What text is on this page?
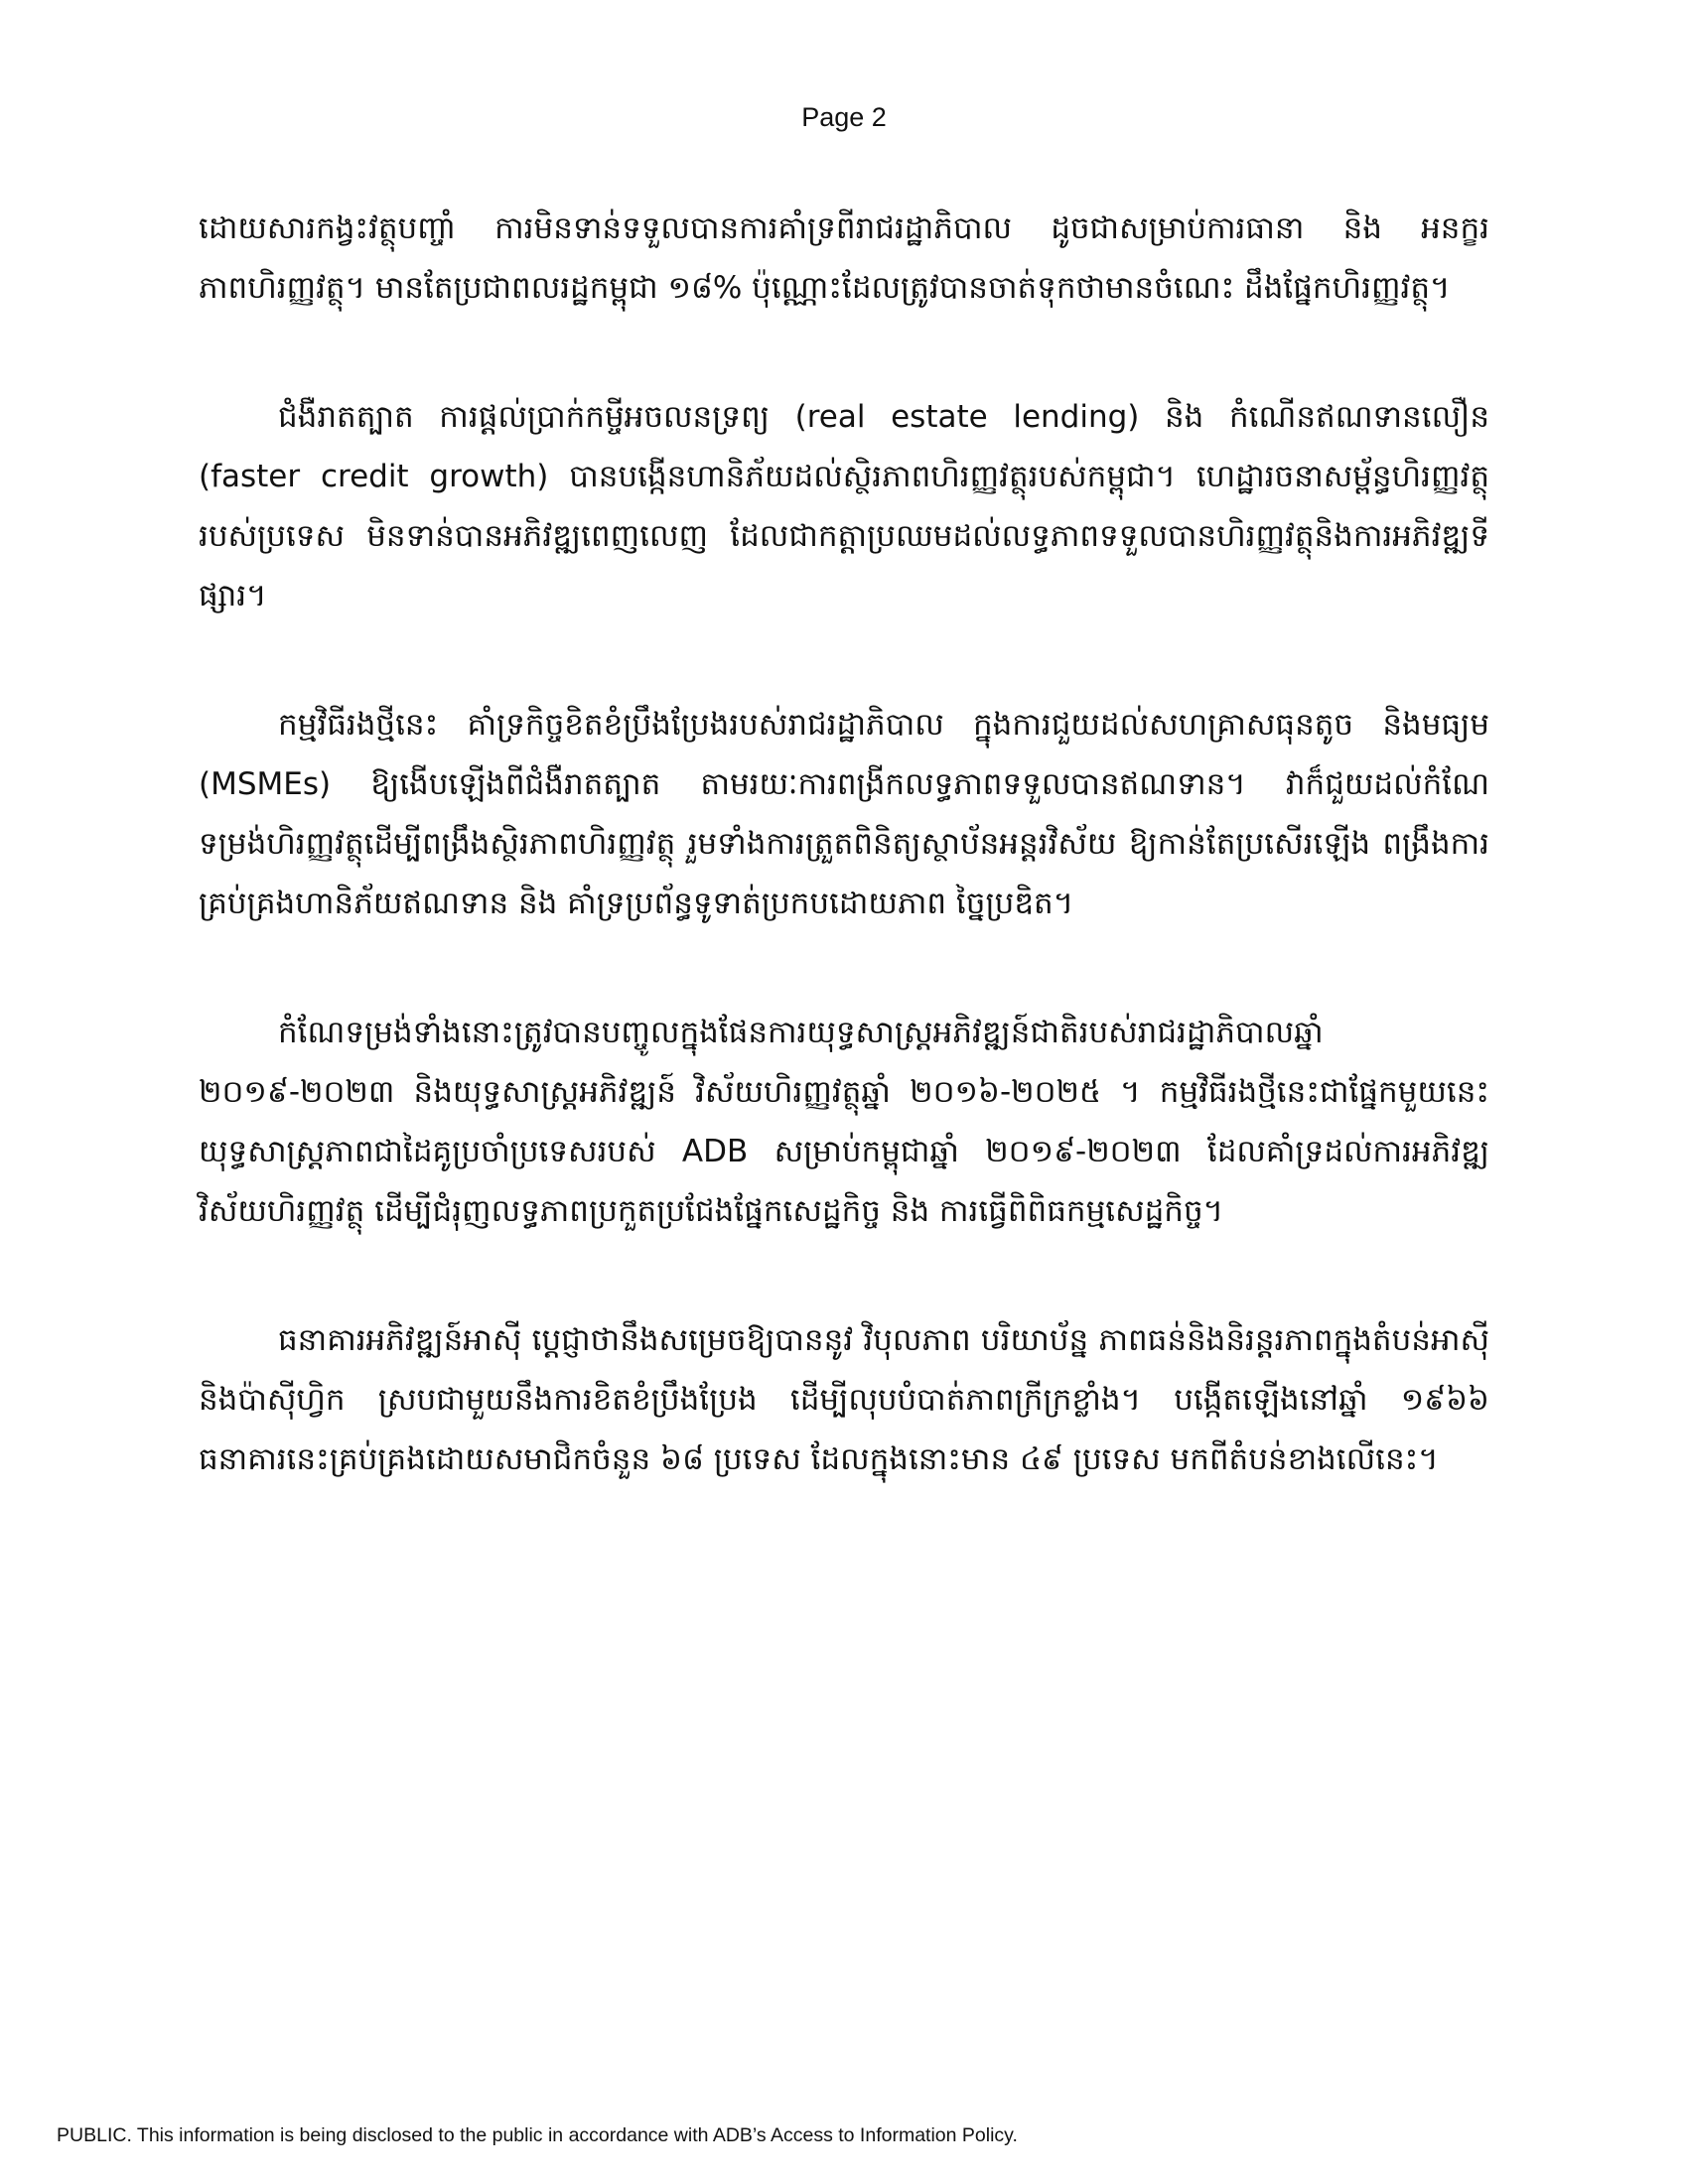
Page 2

ដោយសារកង្វះវត្ថុបញ្ចាំ ការមិនទាន់ទទួលបានការគាំទ្រពីរាជរដ្ឋាភិបាល ដូចជាសម្រាប់ការធានា និង អនក្ខរភាពហិរញ្ញវត្ថុ។ មានតែប្រជាពលរដ្ឋកម្ពុជា ១៨% ប៉ុណ្ណោះដែលត្រូវបានចាត់ទុកថាមានចំណេះ ដឹងផ្នែកហិរញ្ញវត្ថុ។

ជំងឺរាតត្បាត ការផ្តល់ប្រាក់កម្ចីអចលនទ្រព្យ (real estate lending) និង កំណើនឥណទានលឿន (faster credit growth) បានបង្កើនហានិភ័យដល់ស្ថិរភាពហិរញ្ញវត្ថុរបស់កម្ពុជា។ ហេដ្ឋារចនាសម្ព័ន្ធហិរញ្ញវត្ថុរបស់ប្រទេស មិនទាន់បានអភិវឌ្ឍពេញលេញ ដែលជាកត្តាប្រឈមដល់លទ្ធភាពទទួលបានហិរញ្ញវត្ថុនិងការអភិវឌ្ឍទីផ្សារ។

កម្មវិធីរងថ្មីនេះ គាំទ្រកិច្ចខិតខំប្រឹងប្រែងរបស់រាជរដ្ឋាភិបាល ក្នុងការជួយដល់សហគ្រាសធុនតូច និងមធ្យម (MSMEs) ឱ្យងើបឡើងពីជំងឺរាតត្បាត តាមរយៈការពង្រីកលទ្ធភាពទទួលបានឥណទាន។ វាក៏ជួយដល់កំណែទម្រង់ហិរញ្ញវត្ថុដើម្បីពង្រឹងស្ថិរភាពហិរញ្ញវត្ថុ រួមទាំងការត្រួតពិនិត្យស្ថាប័នអន្តរវិស័យ ឱ្យកាន់តែប្រសើរឡើង ពង្រឹងការគ្រប់គ្រងហានិភ័យឥណទាន និង គាំទ្រប្រព័ន្ធទូទាត់ប្រកបដោយភាព ច្នៃប្រឌិត។

កំណែទម្រង់ទាំងនោះត្រូវបានបញ្ចូលក្នុងផែនការយុទ្ធសាស្ត្រអភិវឌ្ឍន៍ជាតិរបស់រាជរដ្ឋាភិបាលឆ្នាំ ២០១៩-២០២៣ និងយុទ្ធសាស្ត្រអភិវឌ្ឍន៍ វិស័យហិរញ្ញវត្ថុឆ្នាំ ២០១៦-២០២៥ ។ កម្មវិធីរងថ្មីនេះជាផ្នែកមួយនេះយុទ្ធសាស្ត្រភាពជាដៃគូប្រចាំប្រទេសរបស់ ADB សម្រាប់កម្ពុជាឆ្នាំ ២០១៩-២០២៣ ដែលគាំទ្រដល់ការអភិវឌ្ឍវិស័យហិរញ្ញវត្ថុ ដើម្បីជំរុញលទ្ធភាពប្រកួតប្រជែងផ្នែកសេដ្ឋកិច្ច និង ការធ្វើពិពិធកម្មសេដ្ឋកិច្ច។

ធនាគារអភិវឌ្ឍន៍អាស៊ី ប្តេជ្ញាថានឹងសម្រេចឱ្យបាននូវ វិបុលភាព បរិយាប័ន្ន ភាពធន់និងនិរន្តរភាពក្នុងតំបន់អាស៊ីនិងប៉ាស៊ីហ្វិក ស្របជាមួយនឹងការខិតខំប្រឹងប្រែង ដើម្បីលុបបំបាត់ភាពក្រីក្រខ្លាំង។ បង្កើតឡើងនៅឆ្នាំ ១៩៦៦ ធនាគារនេះគ្រប់គ្រងដោយសមាជិកចំនួន ៦៨ ប្រទេស ដែលក្នុងនោះមាន ៤៩ ប្រទេស មកពីតំបន់ខាងលើនេះ។

PUBLIC. This information is being disclosed to the public in accordance with ADB’s Access to Information Policy.
